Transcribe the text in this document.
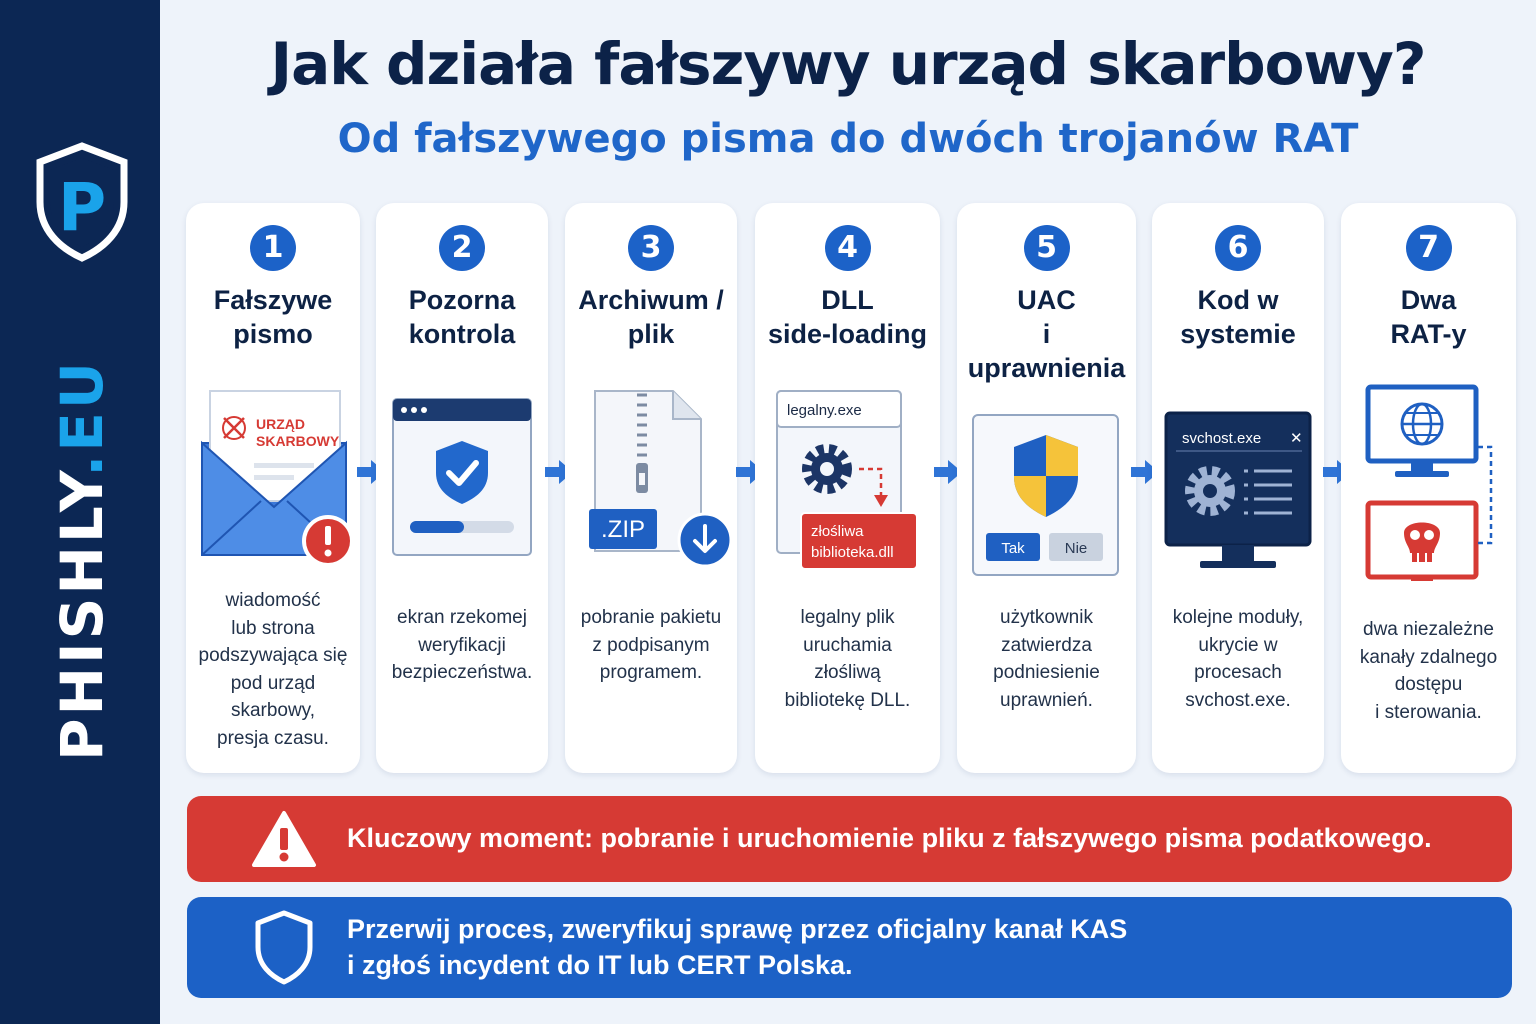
P
PHISHLY.EU
Jak działa fałszywy urząd skarbowy?
Od fałszywego pisma do dwóch trojanów RAT
1
Fałszywe
pismo
URZĄD
SKARBOWY
wiadomość
lub strona
podszywająca się
pod urząd
skarbowy,
presja czasu.
2
Pozorna
kontrola
ekran rzekomej
weryfikacji
bezpieczeństwa.
3
Archiwum /
plik
.ZIP
pobranie pakietu
z podpisanym
programem.
4
DLL
side-loading
legalny.exe
złośliwa
biblioteka.dll
legalny plik
uruchamia
złośliwą
bibliotekę DLL.
5
UAC
i uprawnienia
Tak	Nie
użytkownik
zatwierdza
podniesienie
uprawnień.
6
Kod w
systemie
svchost.exe ✕
kolejne moduły,
ukrycie w
procesach
svchost.exe.
7
Dwa
RAT-y
dwa niezależne
kanały zdalnego
dostępu
i sterowania.
Kluczowy moment: pobranie i uruchomienie pliku z fałszywego pisma podatkowego.
Przerwij proces, zweryfikuj sprawę przez oficjalny kanał KAS
i zgłoś incydent do IT lub CERT Polska.
